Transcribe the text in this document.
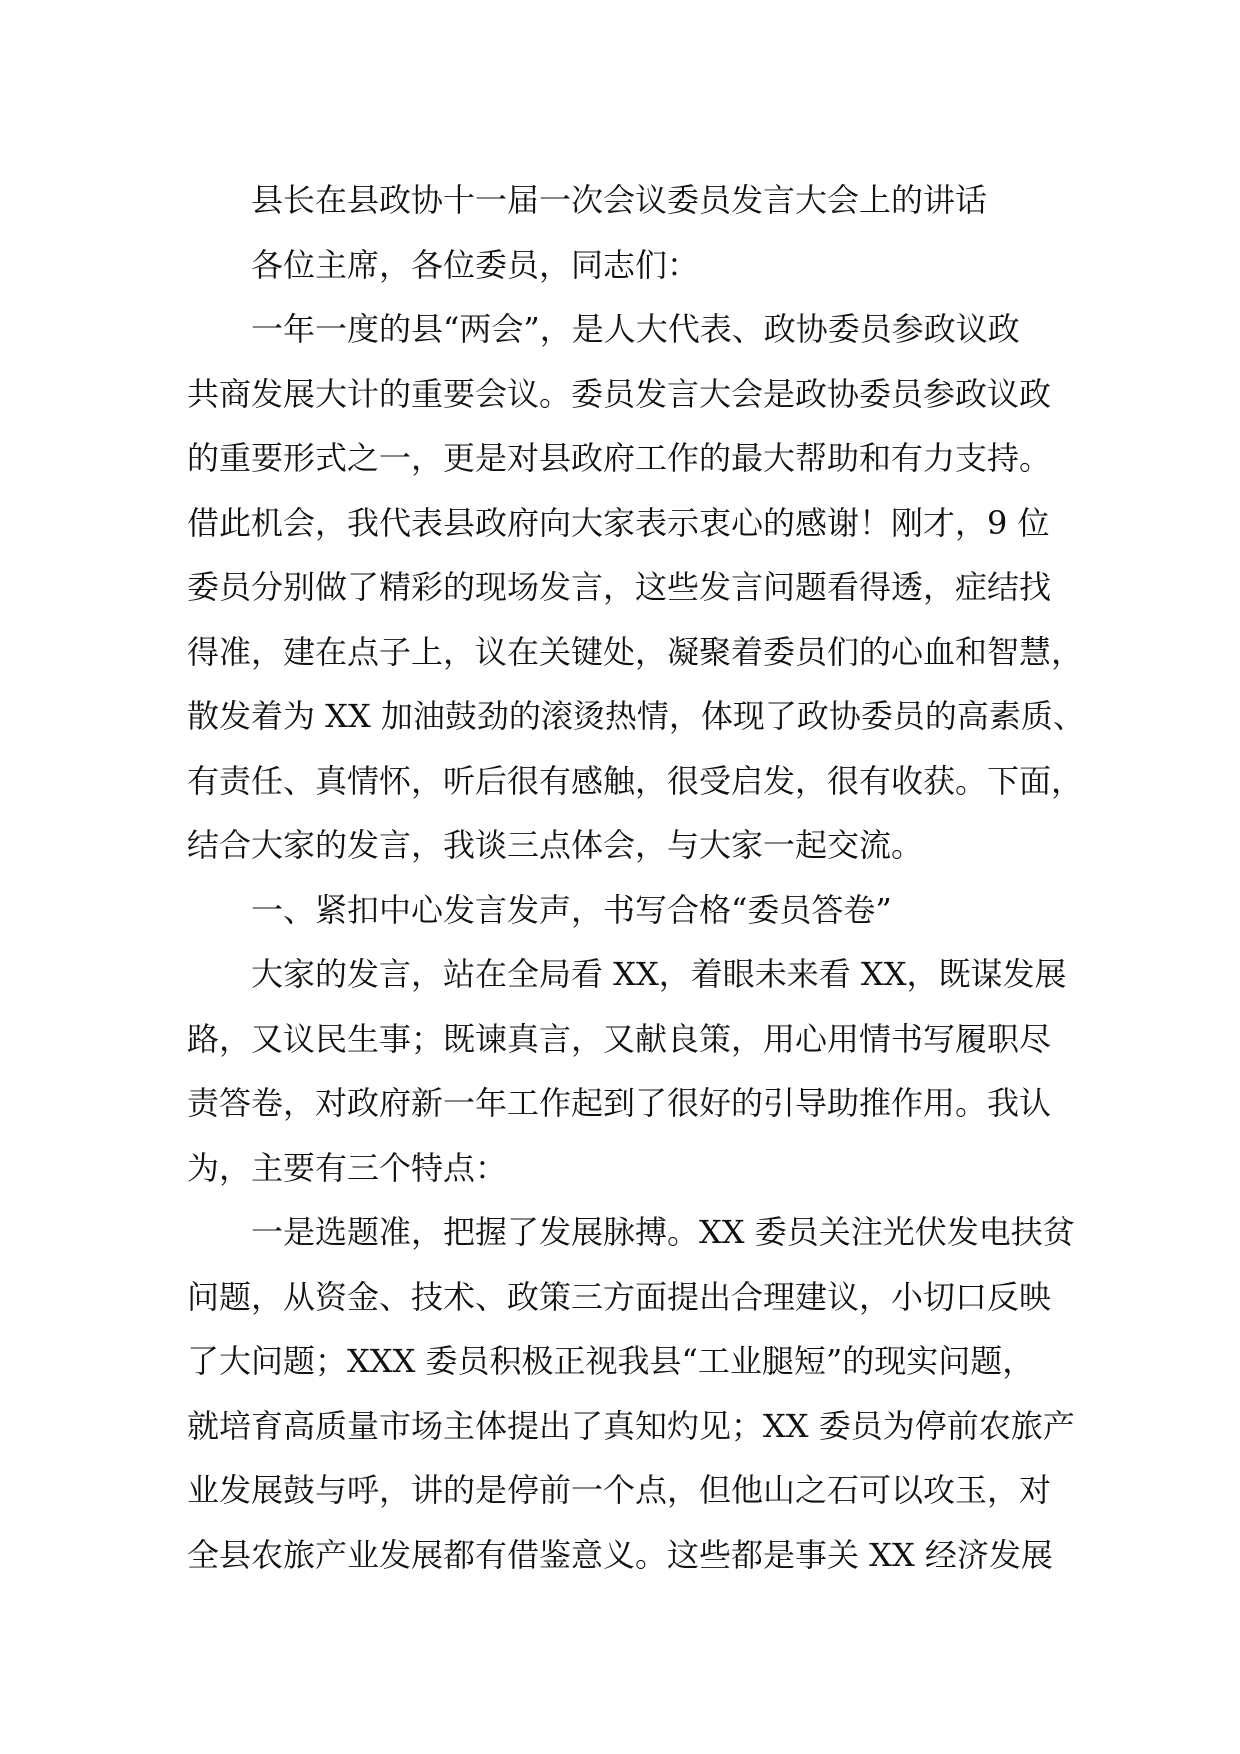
县长在县政协十一届一次会议委员发言大会上的讲话
各位主席，各位委员，同志们：
一年一度的县“两会”，是人大代表、政协委员参政议政
共商发展大计的重要会议。委员发言大会是政协委员参政议政
的重要形式之一，更是对县政府工作的最大帮助和有力支持。
借此机会，我代表县政府向大家表示衷心的感谢！刚才，9 位
委员分别做了精彩的现场发言，这些发言问题看得透，症结找
得准，建在点子上，议在关键处，凝聚着委员们的心血和智慧，
散发着为 XX 加油鼓劲的滚烫热情，体现了政协委员的高素质、
有责任、真情怀，听后很有感触，很受启发，很有收获。下面，
结合大家的发言，我谈三点体会，与大家一起交流。
一、紧扣中心发言发声，书写合格“委员答卷”
大家的发言，站在全局看 XX，着眼未来看 XX，既谋发展
路，又议民生事；既谏真言，又献良策，用心用情书写履职尽
责答卷，对政府新一年工作起到了很好的引导助推作用。我认
为，主要有三个特点：
一是选题准，把握了发展脉搏。XX 委员关注光伏发电扶贫
问题，从资金、技术、政策三方面提出合理建议，小切口反映
了大问题；XXX 委员积极正视我县“工业腿短”的现实问题，
就培育高质量市场主体提出了真知灼见；XX 委员为停前农旅产
业发展鼓与呼，讲的是停前一个点，但他山之石可以攻玉，对
全县农旅产业发展都有借鉴意义。这些都是事关 XX 经济发展
